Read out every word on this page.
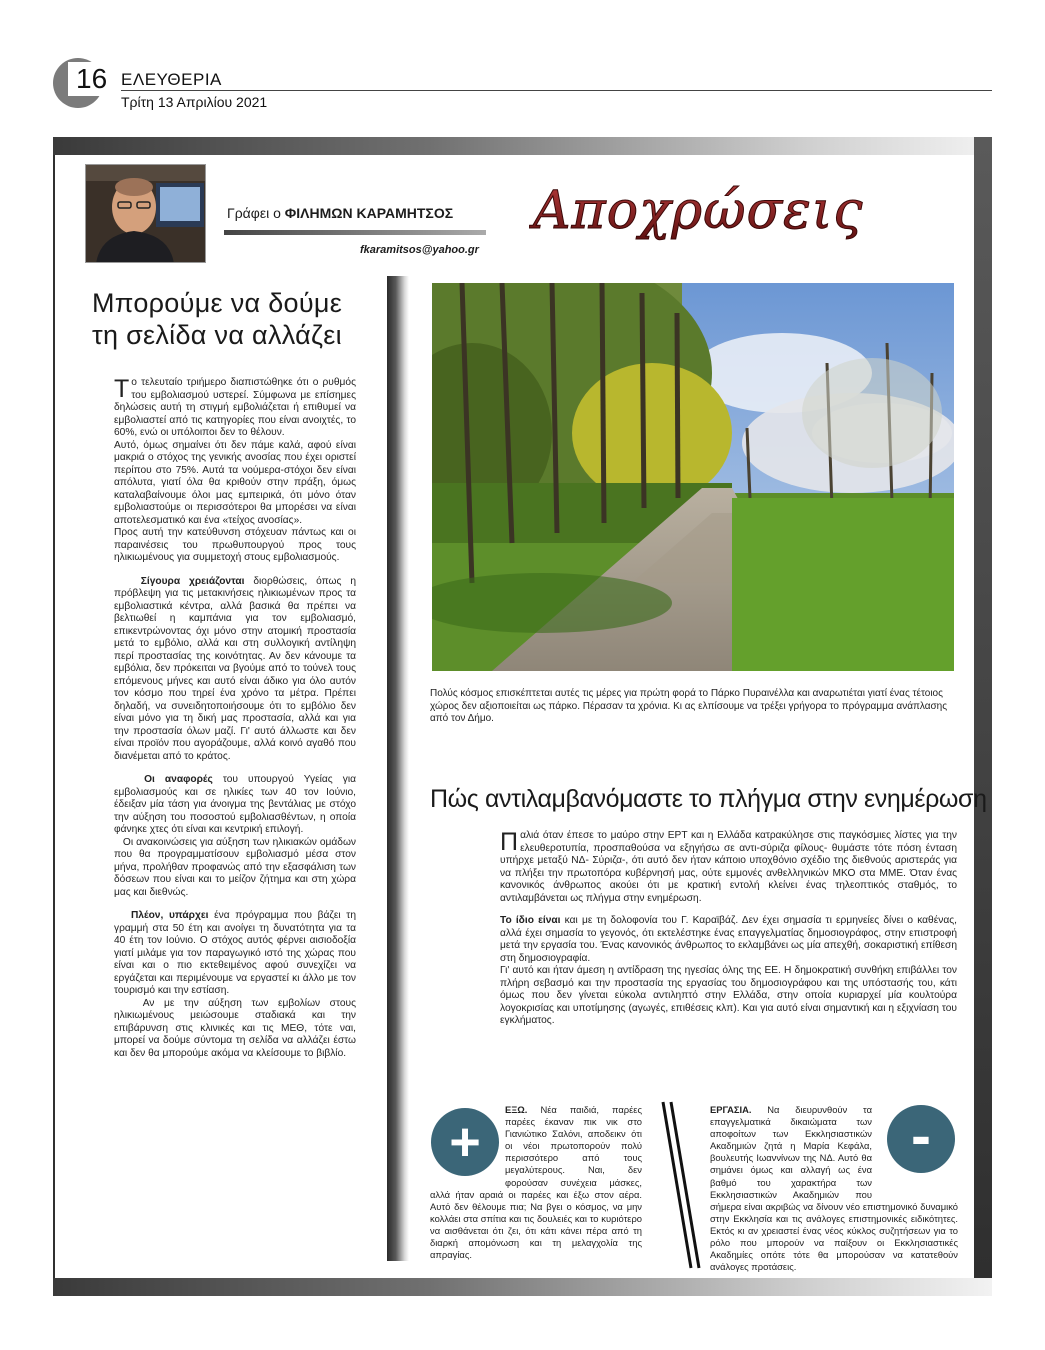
16 ΕΛΕΥΘΕΡΙΑ
Τρίτη 13 Απριλίου 2021
Γράφει ο ΦΙΛΗΜΩΝ ΚΑΡΑΜΗΤΣΟΣ
fkaramitsos@yahoo.gr
Αποχρώσεις
Μπορούμε να δούμε
τη σελίδα να αλλάζει

Το τελευταίο τριήμερο διαπιστώθηκε ότι ο ρυθμός του εμβολιασμού υστερεί. Σύμφωνα με επίσημες δηλώσεις αυτή τη στιγμή εμβολιάζεται ή επιθυμεί να εμβολιαστεί από τις κατηγορίες που είναι ανοιχτές, το 60%, ενώ οι υπόλοιποι δεν το θέλουν.

Αυτό, όμως σημαίνει ότι δεν πάμε καλά, αφού είναι μακριά ο στόχος της γενικής ανοσίας που έχει οριστεί περίπου στο 75%. Αυτά τα νούμερα-στόχοι δεν είναι απόλυτα, γιατί όλα θα κριθούν στην πράξη, όμως καταλαβαίνουμε όλοι μας εμπειρικά, ότι μόνο όταν εμβολιαστούμε οι περισσότεροι θα μπορέσει να είναι αποτελεσματικό και ένα «τείχος ανοσίας».

Προς αυτή την κατεύθυνση στόχευαν πάντως και οι παραινέσεις του πρωθυπουργού προς τους ηλικιωμένους για συμμετοχή στους εμβολιασμούς.

Σίγουρα χρειάζονται διορθώσεις, όπως η πρόβλεψη για τις μετακινήσεις ηλικιωμένων προς τα εμβολιαστικά κέντρα, αλλά βασικά θα πρέπει να βελτιωθεί η καμπάνια για τον εμβολιασμό, επικεντρώνοντας όχι μόνο στην ατομική προστασία μετά το εμβόλιο, αλλά και στη συλλογική αντίληψη περί προστασίας της κοινότητας. Αν δεν κάνουμε τα εμβόλια, δεν πρόκειται να βγούμε από το τούνελ τους επόμενους μήνες και αυτό είναι άδικο για όλο αυτόν τον κόσμο που τηρεί ένα χρόνο τα μέτρα. Πρέπει δηλαδή, να συνειδητοποιήσουμε ότι το εμβόλιο δεν είναι μόνο για τη δική μας προστασία, αλλά και για την προστασία όλων μαζί. Γι' αυτό άλλωστε και δεν είναι προϊόν που αγοράζουμε, αλλά κοινό αγαθό που διανέμεται από το κράτος.

Οι αναφορές του υπουργού Υγείας για εμβολιασμούς και σε ηλικίες των 40 τον Ιούνιο, έδειξαν μία τάση για άνοιγμα της βεντάλιας με στόχο την αύξηση του ποσοστού εμβολιασθέντων, η οποία φάνηκε χτες ότι είναι και κεντρική επιλογή.

Οι ανακοινώσεις για αύξηση των ηλικιακών ομάδων που θα προγραμματίσουν εμβολιασμό μέσα στον μήνα, προλήθαν προφανώς από την εξασφάλιση των δόσεων που είναι και το μείζον ζήτημα και στη χώρα μας και διεθνώς.

Πλέον, υπάρχει ένα πρόγραμμα που βάζει τη γραμμή στα 50 έτη και ανοίγει τη δυνατότητα για τα 40 έτη τον Ιούνιο. Ο στόχος αυτός φέρνει αισιοδοξία γιατί μιλάμε για τον παραγωγικό ιστό της χώρας που είναι και ο πιο εκτεθειμένος αφού συνεχίζει να εργάζεται και περιμένουμε να εργαστεί κι άλλο με τον τουρισμό και την εστίαση.

Αν με την αύξηση των εμβολίων στους ηλικιωμένους μειώσουμε σταδιακά και την επιβάρυνση στις κλινικές και τις ΜΕΘ, τότε ναι, μπορεί να δούμε σύντομα τη σελίδα να αλλάζει έστω και δεν θα μπορούμε ακόμα να κλείσουμε το βιβλίο.

Πολύς κόσμος επισκέπτεται αυτές τις μέρες για πρώτη φορά το Πάρκο Πυραινέλλα και αναρωτιέται γιατί ένας τέτοιος χώρος δεν αξιοποιείται ως πάρκο. Πέρασαν τα χρόνια. Κι ας ελπίσουμε να τρέξει γρήγορα το πρόγραμμα ανάπλασης από τον Δήμο.
Πώς αντιλαμβανόμαστε το πλήγμα στην ενημέρωση

Παλιά όταν έπεσε το μαύρο στην ΕΡΤ και η Ελλάδα κατρακύλησε στις παγκόσμιες λίστες για την ελευθεροτυπία, προσπαθούσα να εξηγήσω σε αντι-σύριζα φίλους- θυμάστε τότε πόση ένταση υπήρχε μεταξύ ΝΔ- Σύριζα-, ότι αυτό δεν ήταν κάποιο υποχθόνιο σχέδιο της διεθνούς αριστεράς για να πλήξει την πρωτοπόρα κυβέρνησή μας, ούτε εμμονές ανθελληνικών ΜΚΟ στα ΜΜΕ. Όταν ένας κανονικός άνθρωπος ακούει ότι με κρατική εντολή κλείνει ένας τηλεοπτικός σταθμός, το αντιλαμβάνεται ως πλήγμα στην ενημέρωση.

Το ίδιο είναι και με τη δολοφονία του Γ. Καραϊβάζ. Δεν έχει σημασία τι ερμηνείες δίνει ο καθένας, αλλά έχει σημασία το γεγονός, ότι εκτελέστηκε ένας επαγγελματίας δημοσιογράφος, στην επιστροφή μετά την εργασία του. Ένας κανονικός άνθρωπος το εκλαμβάνει ως μία απεχθή, σοκαριστική επίθεση στη δημοσιογραφία.

Γι' αυτό και ήταν άμεση η αντίδραση της ηγεσίας όλης της ΕΕ. Η δημοκρατική συνθήκη επιβάλλει τον πλήρη σεβασμό και την προστασία της εργασίας του δημοσιογράφου και της υπόστασής του, κάτι όμως που δεν γίνεται εύκολα αντιληπτό στην Ελλάδα, στην οποία κυριαρχεί μία κουλτούρα λογοκρισίας και υποτίμησης (αγωγές, επιθέσεις κλπ). Και για αυτό είναι σημαντική και η εξιχνίαση του εγκλήματος.

+
ΕΞΩ. Νέα παιδιά, παρέες παρέες έκαναν πικ νικ στο Γιανιώτικο Σαλόνι, αποδεικν ότι οι νέοι πρωτοπορούν πολύ περισσότερο από τους μεγαλύτερους. Ναι, δεν φορούσαν συνέχεια μάσκες, αλλά ήταν αραιά οι παρέες και έξω στον αέρα. Αυτό δεν θέλουμε πια; Να βγει ο κόσμος, να μην κολλάει στα σπίτια και τις δουλειές και το κυριότερο να αισθάνεται ότι ζει, ότι κάτι κάνει πέρα από τη διαρκή απομόνωση και τη μελαγχολία της απραγίας.
-
ΕΡΓΑΣΙΑ. Να διευρυνθούν τα επαγγελματικά δικαιώματα των αποφοίτων των Εκκλησιαστικών Ακαδημιών ζητά η Μαρία Κεφάλα, βουλευτής Ιωαννίνων της ΝΔ. Αυτό θα σημάνει όμως και αλλαγή ως ένα βαθμό του χαρακτήρα των Εκκλησιαστικών Ακαδημιών που σήμερα είναι ακριβώς να δίνουν νέο επιστημονικό δυναμικό στην Εκκλησία και τις ανάλογες επιστημονικές ειδικότητες. Εκτός κι αν χρειαστεί ένας νέος κύκλος συζητήσεων για το ρόλο που μπορούν να παίξουν οι Εκκλησιαστικές Ακαδημίες οπότε τότε θα μπορούσαν να κατατεθούν ανάλογες προτάσεις.
